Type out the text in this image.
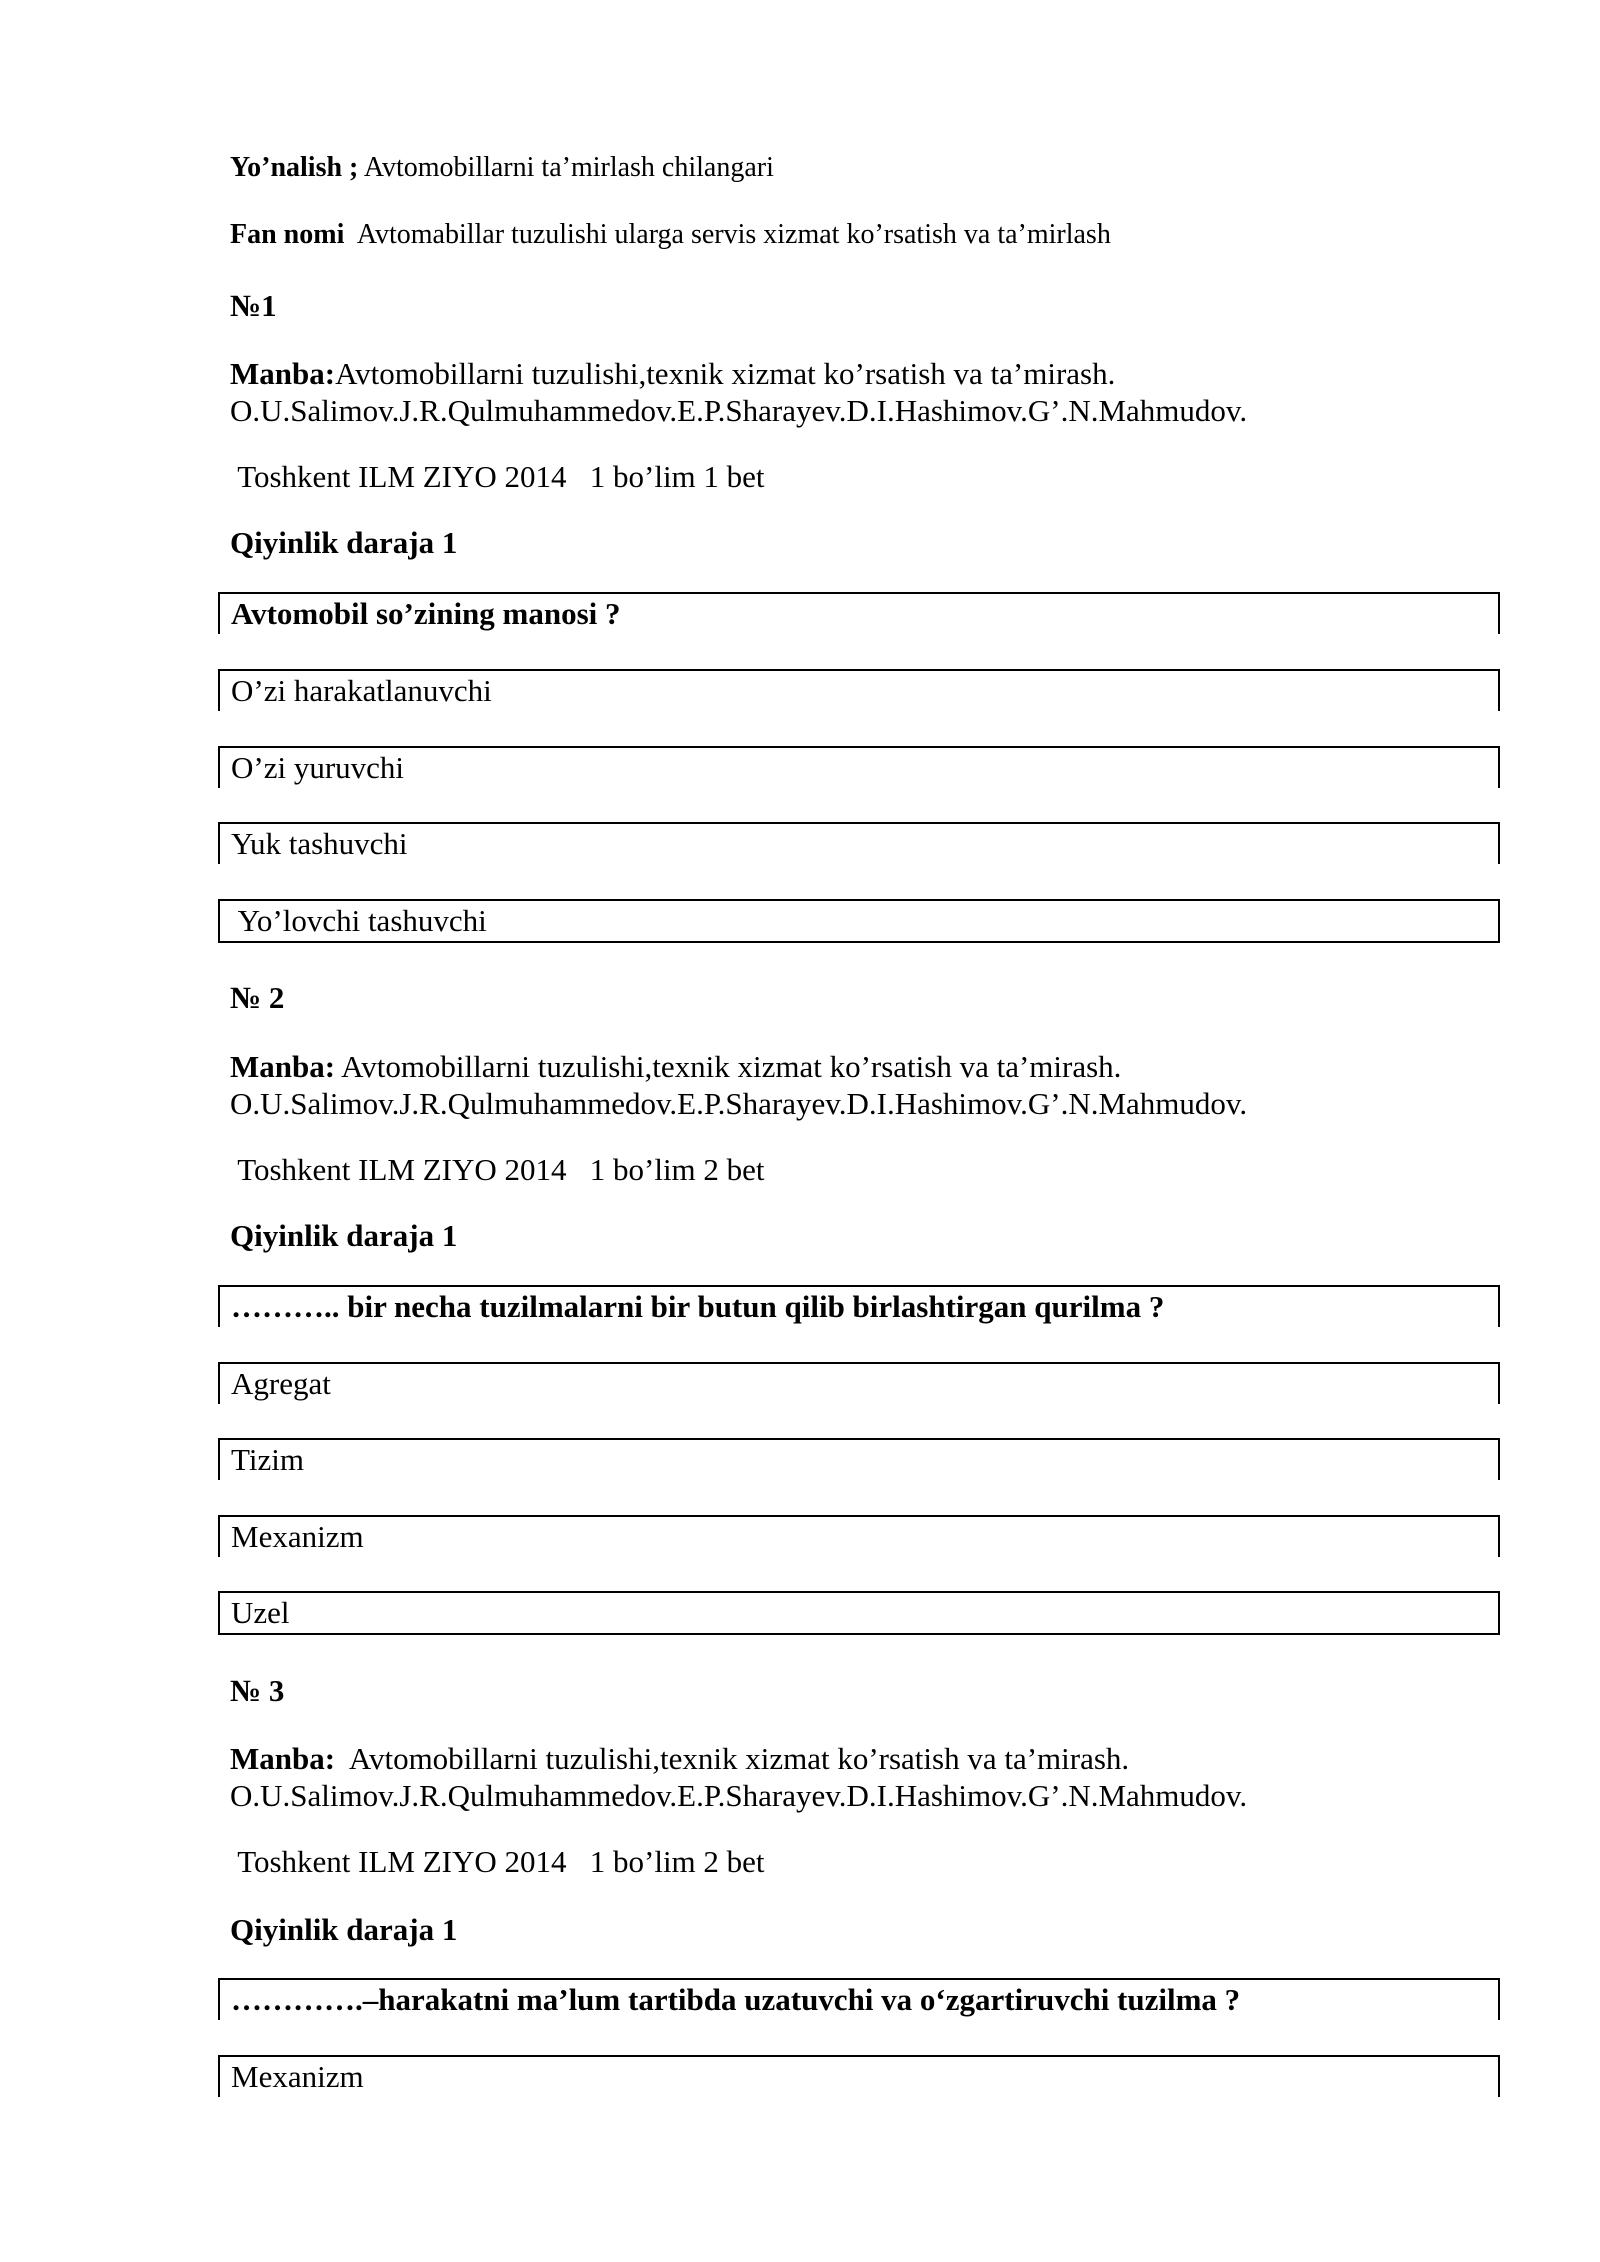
Yo’nalish ; Avtomobillarni ta’mirlash chilangari
Fan nomi Avtomabillar tuzulishi ularga servis xizmat ko’rsatish va ta’mirlash
№1
Manba:Avtomobillarni tuzulishi,texnik xizmat ko’rsatish va ta’mirash.
O.U.Salimov.J.R.Qulmuhammedov.E.P.Sharayev.D.I.Hashimov.G’.N.Mahmudov.
Toshkent ILM ZIYO 2014   1 bo’lim 1 bet
Qiyinlik daraja 1
Avtomobil so’zining manosi ?
O’zi harakatlanuvchi
O’zi yuruvchi
Yuk tashuvchi
Yo’lovchi tashuvchi
№ 2
Manba: Avtomobillarni tuzulishi,texnik xizmat ko’rsatish va ta’mirash.
O.U.Salimov.J.R.Qulmuhammedov.E.P.Sharayev.D.I.Hashimov.G’.N.Mahmudov.
Toshkent ILM ZIYO 2014   1 bo’lim 2 bet
Qiyinlik daraja 1
……….. bir necha tuzilmalarni bir butun qilib birlashtirgan qurilma ?
Agregat
Tizim
Mexanizm
Uzel
№ 3
Manba:  Avtomobillarni tuzulishi,texnik xizmat ko’rsatish va ta’mirash.
O.U.Salimov.J.R.Qulmuhammedov.E.P.Sharayev.D.I.Hashimov.G’.N.Mahmudov.
Toshkent ILM ZIYO 2014   1 bo’lim 2 bet
Qiyinlik daraja 1
………….–harakatni ma’lum tartibda uzatuvchi va o‘zgartiruvchi tuzilma ?
Mexanizm
